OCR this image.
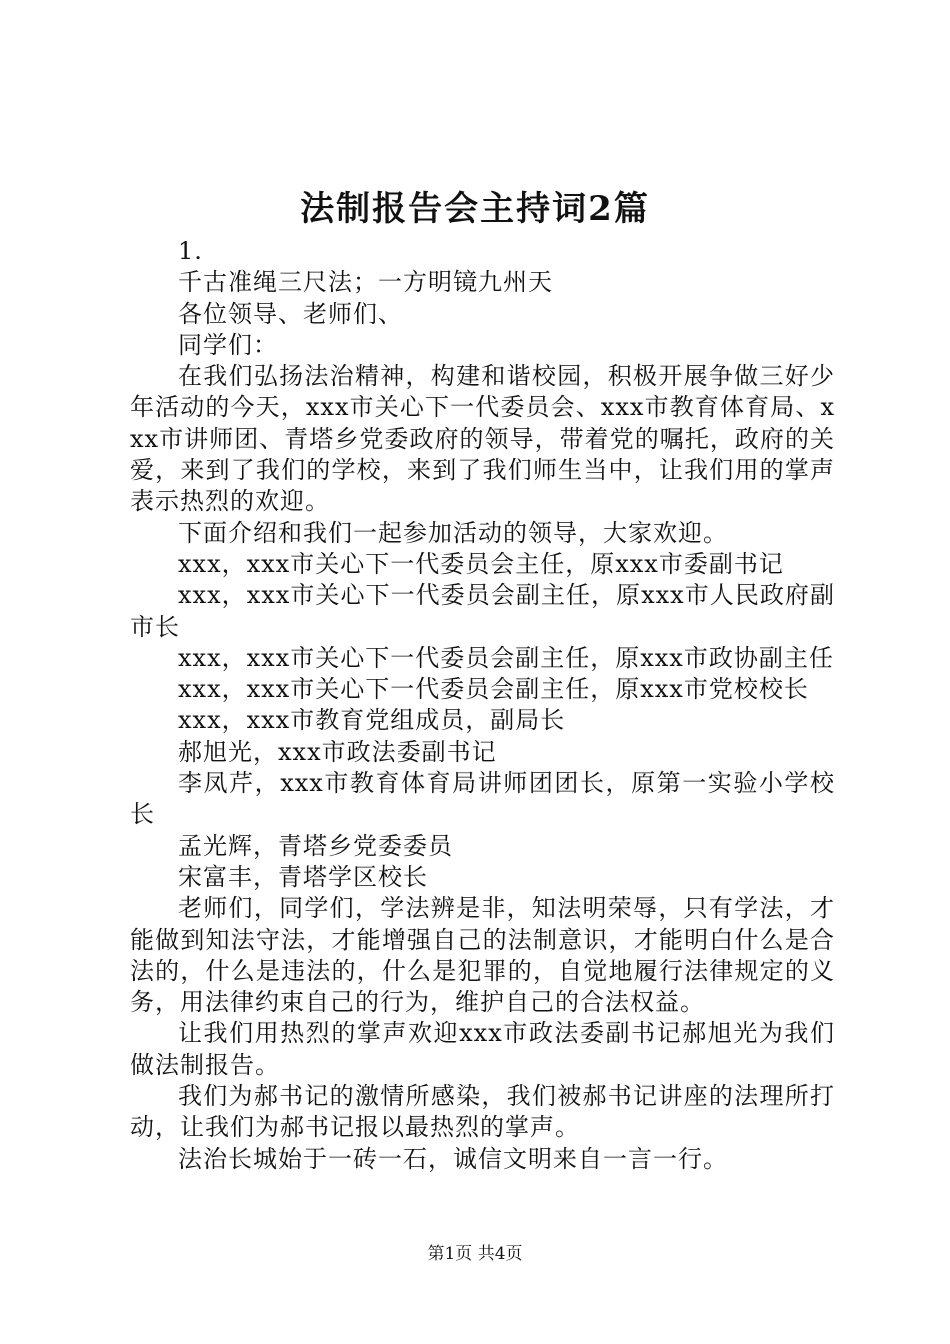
法制报告会主持词2篇

1.

千古准绳三尺法；一方明镜九州天

各位领导、老师们、

同学们：

在我们弘扬法治精神，构建和谐校园，积极开展争做三好少年活动的今天，xxx市关心下一代委员会、xxx市教育体育局、xxx市讲师团、青塔乡党委政府的领导，带着党的嘱托，政府的关爱，来到了我们的学校，来到了我们师生当中，让我们用的掌声表示热烈的欢迎。

下面介绍和我们一起参加活动的领导，大家欢迎。

xxx，xxx市关心下一代委员会主任，原xxx市委副书记

xxx，xxx市关心下一代委员会副主任，原xxx市人民政府副市长

xxx，xxx市关心下一代委员会副主任，原xxx市政协副主任

xxx，xxx市关心下一代委员会副主任，原xxx市党校校长

xxx，xxx市教育党组成员，副局长

郝旭光，xxx市政法委副书记

李凤芹，xxx市教育体育局讲师团团长，原第一实验小学校长

孟光辉，青塔乡党委委员

宋富丰，青塔学区校长

老师们，同学们，学法辨是非，知法明荣辱，只有学法，才能做到知法守法，才能增强自己的法制意识，才能明白什么是合法的，什么是违法的，什么是犯罪的，自觉地履行法律规定的义务，用法律约束自己的行为，维护自己的合法权益。

让我们用热烈的掌声欢迎xxx市政法委副书记郝旭光为我们做法制报告。

我们为郝书记的激情所感染，我们被郝书记讲座的法理所打动，让我们为郝书记报以最热烈的掌声。

法治长城始于一砖一石，诚信文明来自一言一行。

第1页 共4页
